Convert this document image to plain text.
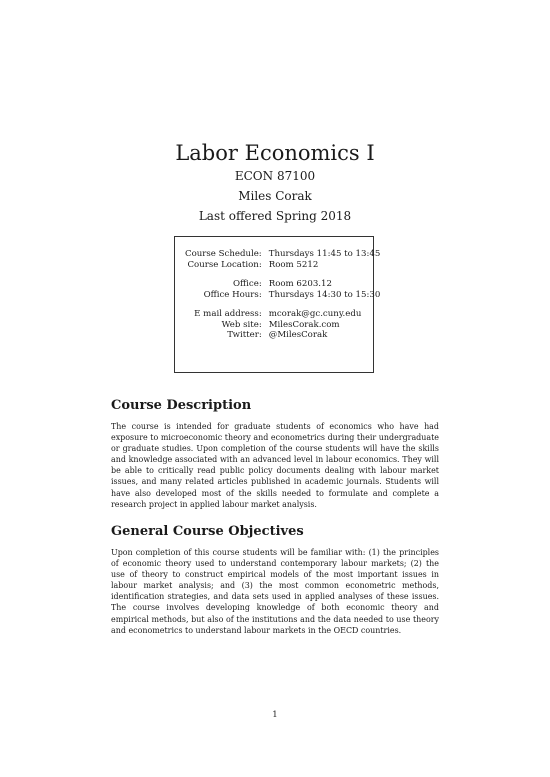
Labor Economics I
ECON 87100
Miles Corak
Last offered Spring 2018
Course Schedule:	Thursdays 11:45 to 13:45
Course Location:	Room 5212

Office:	Room 6203.12
Office Hours:	Thursdays 14:30 to 15:30

E mail address:	mcorak@gc.cuny.edu
Web site:	MilesCorak.com
Twitter:	@MilesCorak
Course Description

The course is intended for graduate students of economics who have had exposure to microeconomic theory and econometrics during their undergraduate or graduate studies. Upon completion of the course students will have the skills and knowledge associated with an advanced level in labour economics. They will be able to critically read public policy documents dealing with labour market issues, and many related articles published in academic journals. Students will have also developed most of the skills needed to formulate and complete a research project in applied labour market analysis.

General Course Objectives

Upon completion of this course students will be familiar with: (1) the principles of economic theory used to understand contemporary labour markets; (2) the use of theory to construct empirical models of the most important issues in labour market analysis; and (3) the most common econometric methods, identification strategies, and data sets used in applied analyses of these issues. The course involves developing knowledge of both economic theory and empirical methods, but also of the institutions and the data needed to use theory and econometrics to understand labour markets in the OECD countries.

1
